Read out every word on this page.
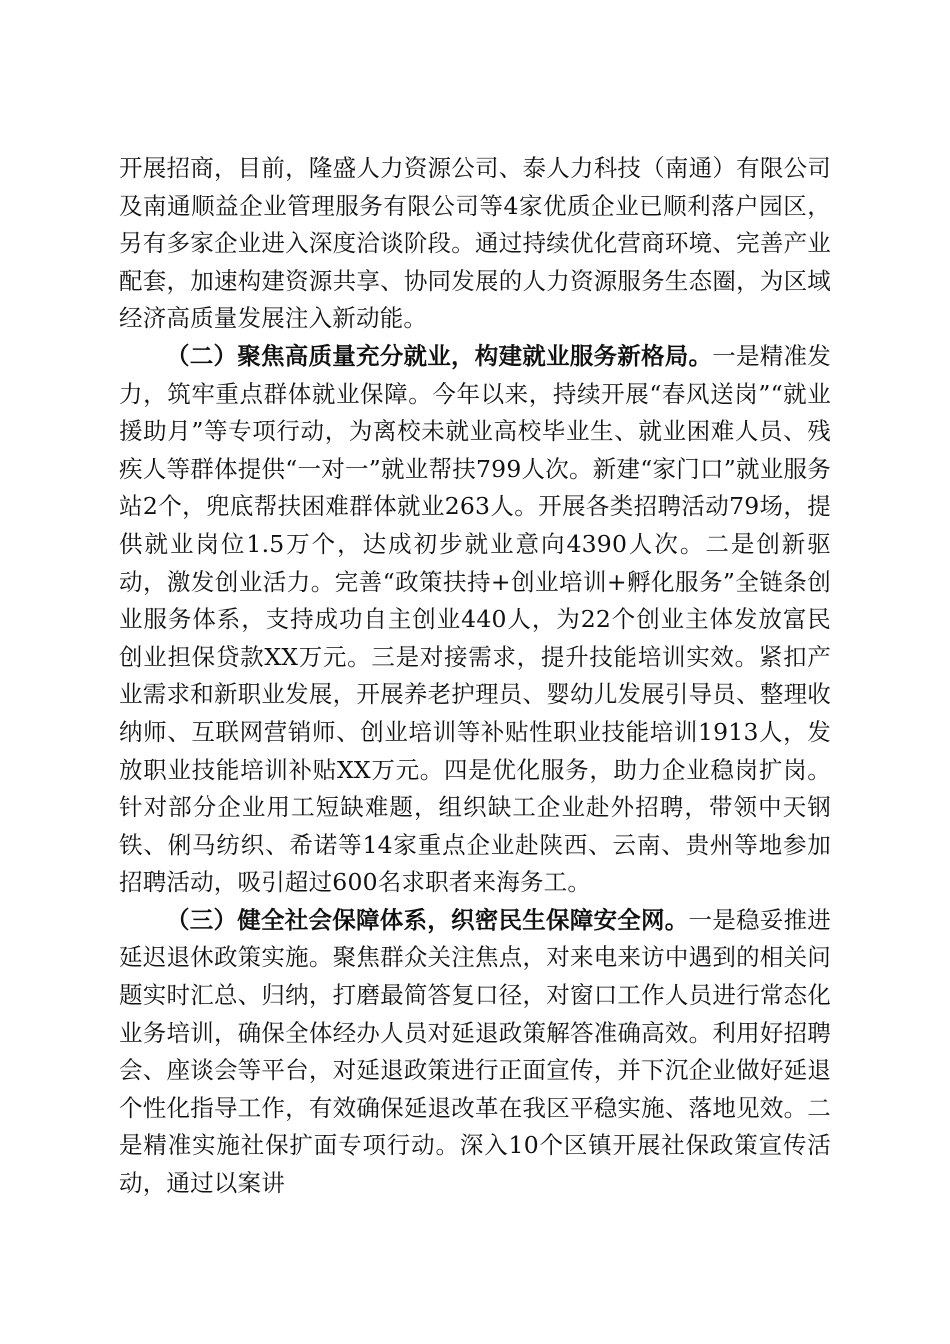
开展招商，目前，隆盛人力资源公司、泰人力科技（南通）有限公司及南通顺益企业管理服务有限公司等4家优质企业已顺利落户园区，另有多家企业进入深度洽谈阶段。通过持续优化营商环境、完善产业配套，加速构建资源共享、协同发展的人力资源服务生态圈，为区域经济高质量发展注入新动能。

（二）聚焦高质量充分就业，构建就业服务新格局。一是精准发力，筑牢重点群体就业保障。今年以来，持续开展“春风送岗”“就业援助月”等专项行动，为离校未就业高校毕业生、就业困难人员、残疾人等群体提供“一对一”就业帮扶799人次。新建“家门口”就业服务站2个，兜底帮扶困难群体就业263人。开展各类招聘活动79场，提供就业岗位1.5万个，达成初步就业意向4390人次。二是创新驱动，激发创业活力。完善“政策扶持+创业培训+孵化服务”全链条创业服务体系，支持成功自主创业440人，为22个创业主体发放富民创业担保贷款XX万元。三是对接需求，提升技能培训实效。紧扣产业需求和新职业发展，开展养老护理员、婴幼儿发展引导员、整理收纳师、互联网营销师、创业培训等补贴性职业技能培训1913人，发放职业技能培训补贴XX万元。四是优化服务，助力企业稳岗扩岗。针对部分企业用工短缺难题，组织缺工企业赴外招聘，带领中天钢铁、俐马纺织、希诺等14家重点企业赴陕西、云南、贵州等地参加招聘活动，吸引超过600名求职者来海务工。

（三）健全社会保障体系，织密民生保障安全网。一是稳妥推进延迟退休政策实施。聚焦群众关注焦点，对来电来访中遇到的相关问题实时汇总、归纳，打磨最简答复口径，对窗口工作人员进行常态化业务培训，确保全体经办人员对延退政策解答准确高效。利用好招聘会、座谈会等平台，对延退政策进行正面宣传，并下沉企业做好延退个性化指导工作，有效确保延退改革在我区平稳实施、落地见效。二是精准实施社保扩面专项行动。深入10个区镇开展社保政策宣传活动，通过以案讲
